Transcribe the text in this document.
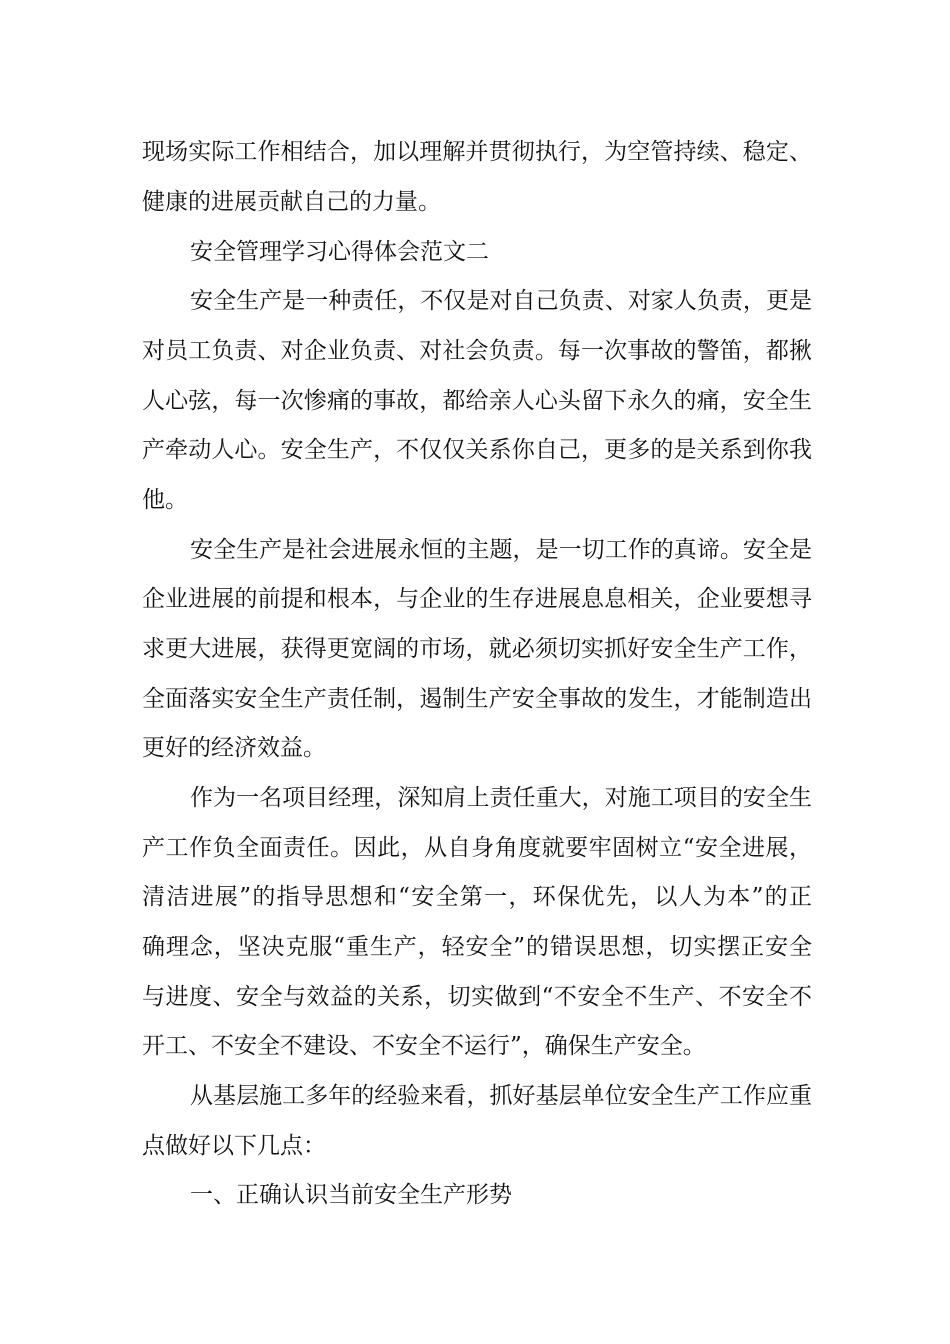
现场实际工作相结合，加以理解并贯彻执行，为空管持续、稳定、
健康的进展贡献自己的力量。
安全管理学习心得体会范文二
安全生产是一种责任，不仅是对自己负责、对家人负责，更是
对员工负责、对企业负责、对社会负责。每一次事故的警笛，都揪
人心弦，每一次惨痛的事故，都给亲人心头留下永久的痛，安全生
产牵动人心。安全生产，不仅仅关系你自己，更多的是关系到你我
他。
安全生产是社会进展永恒的主题，是一切工作的真谛。安全是
企业进展的前提和根本，与企业的生存进展息息相关，企业要想寻
求更大进展，获得更宽阔的市场，就必须切实抓好安全生产工作，
全面落实安全生产责任制，遏制生产安全事故的发生，才能制造出
更好的经济效益。
作为一名项目经理，深知肩上责任重大，对施工项目的安全生
产工作负全面责任。因此，从自身角度就要牢固树立“安全进展，
清洁进展”的指导思想和“安全第一，环保优先，以人为本”的正
确理念，坚决克服“重生产，轻安全”的错误思想，切实摆正安全
与进度、安全与效益的关系，切实做到“不安全不生产、不安全不
开工、不安全不建设、不安全不运行”，确保生产安全。
从基层施工多年的经验来看，抓好基层单位安全生产工作应重
点做好以下几点：
一、正确认识当前安全生产形势
